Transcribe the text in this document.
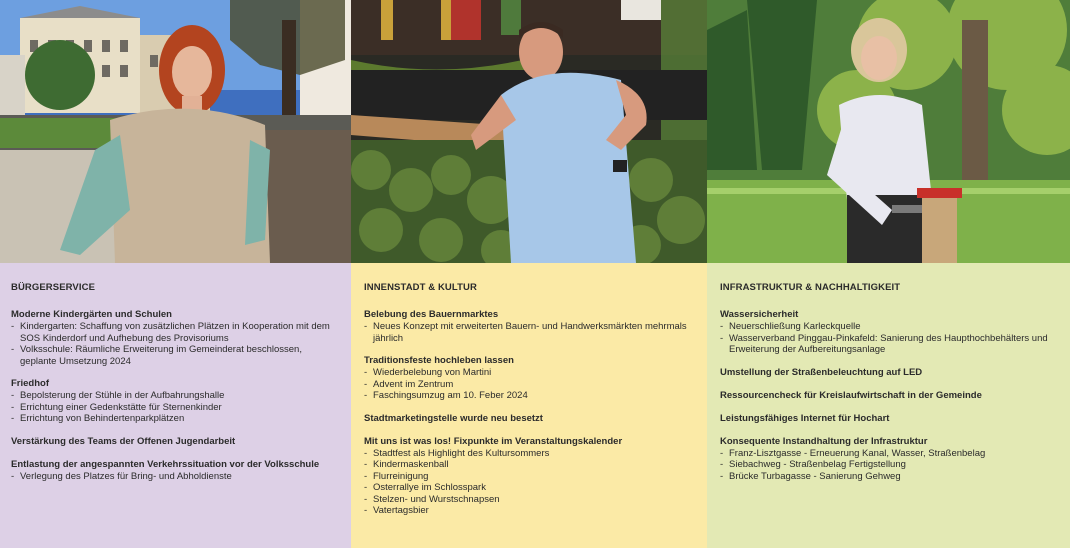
BÜRGERSERVICE
Moderne Kindergärten und Schulen
- Kindergarten: Schaffung von zusätzlichen Plätzen in Kooperation mit dem SOS Kinderdorf und Aufhebung des Provisoriums
- Volksschule: Räumliche Erweiterung im Gemeinderat beschlossen, geplante Umsetzung 2024
Friedhof
- Bepolsterung der Stühle in der Aufbahrungshalle
- Errichtung einer Gedenkstätte für Sternenkinder
- Errichtung von Behindertenparkplätzen
Verstärkung des Teams der Offenen Jugendarbeit
Entlastung der angespannten Verkehrssituation vor der Volksschule
- Verlegung des Platzes für Bring- und Abholdienste
INNENSTADT & KULTUR
Belebung des Bauernmarktes
- Neues Konzept mit erweiterten Bauern- und Handwerksmärkten mehrmals jährlich
Traditionsfeste hochleben lassen
- Wiederbelebung von Martini
- Advent im Zentrum
- Faschingsumzug am 10. Feber 2024
Stadtmarketingstelle wurde neu besetzt
Mit uns ist was los! Fixpunkte im Veranstaltungskalender
- Stadtfest als Highlight des Kultursommers
- Kindermaskenball
- Flurreinigung
- Osterrallye im Schlosspark
- Stelzen- und Wurstschnapsen
- Vatertagsbier
INFRASTRUKTUR & NACHHALTIGKEIT
Wassersicherheit
- Neuerschließung Karleckquelle
- Wasserverband Pinggau-Pinkafeld: Sanierung des Haupthochbehälters und Erweiterung der Aufbereitungsanlage
Umstellung der Straßenbeleuchtung auf LED
Ressourcencheck für Kreislaufwirtschaft in der Gemeinde
Leistungsfähiges Internet für Hochart
Konsequente Instandhaltung der Infrastruktur
- Franz-Lisztgasse - Erneuerung Kanal, Wasser, Straßenbelag
- Siebachweg - Straßenbelag Fertigstellung
- Brücke Turbagasse - Sanierung Gehweg
